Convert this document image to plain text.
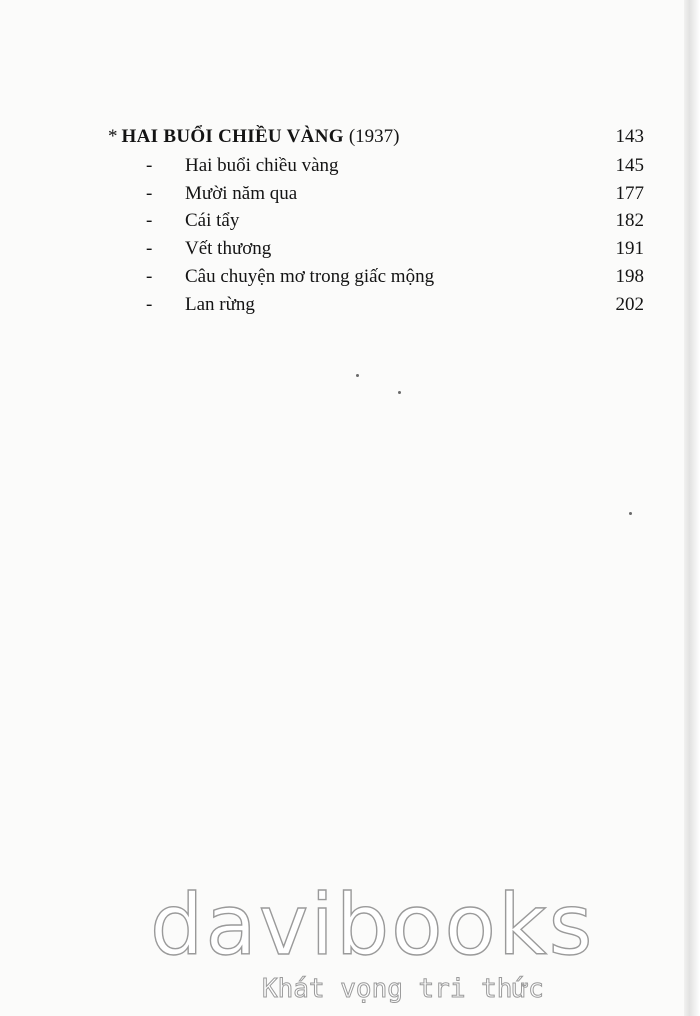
* HAI BUỔI CHIỀU VÀNG (1937)	143
- Hai buổi chiều vàng	145
- Mười năm qua	177
- Cái tẩy	182
- Vết thương	191
- Câu chuyện mơ trong giấc mộng	198
- Lan rừng	202
davibooks
Khát vọng tri thức
